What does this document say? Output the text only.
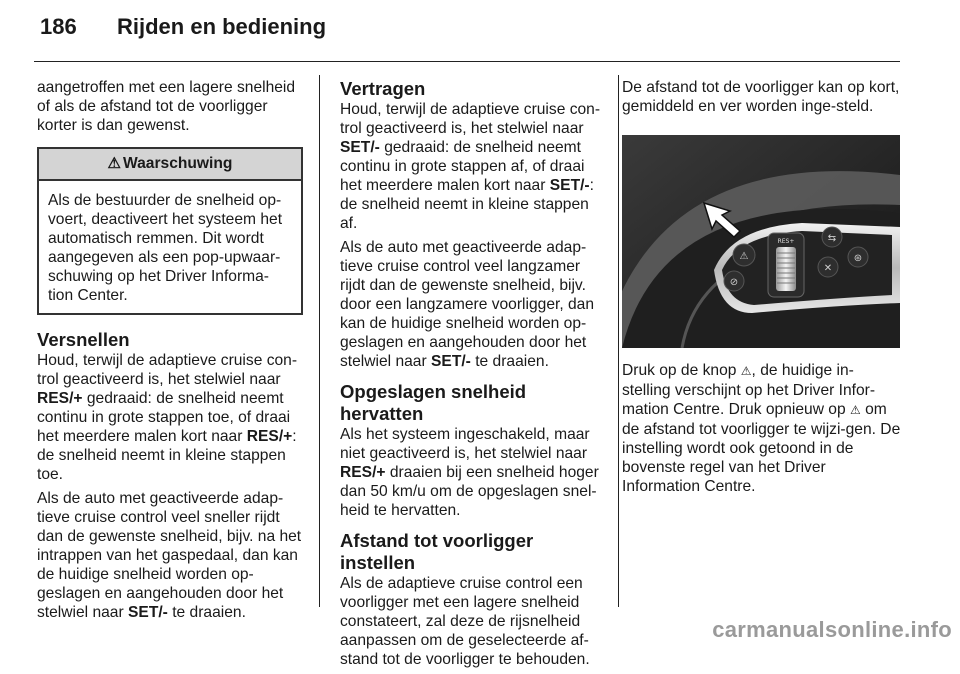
186 Rijden en bediening

aangetroffen met een lagere snelheid of als de afstand tot de voorligger korter is dan gewenst.

⚠ Waarschuwing
Als de bestuurder de snelheid op-voert, deactiveert het systeem het automatisch remmen. Dit wordt aangegeven als een pop-upwaar-schuwing op het Driver Informa-tion Center.
Versnellen

Houd, terwijl de adaptieve cruise con-trol geactiveerd is, het stelwiel naar RES/+ gedraaid: de snelheid neemt continu in grote stappen toe, of draai het meerdere malen kort naar RES/+: de snelheid neemt in kleine stappen toe.

Als de auto met geactiveerde adap-tieve cruise control veel sneller rijdt dan de gewenste snelheid, bijv. na het intrappen van het gaspedaal, dan kan de huidige snelheid worden op-geslagen en aangehouden door het stelwiel naar SET/- te draaien.

Vertragen

Houd, terwijl de adaptieve cruise con-trol geactiveerd is, het stelwiel naar SET/- gedraaid: de snelheid neemt continu in grote stappen af, of draai het meerdere malen kort naar SET/-: de snelheid neemt in kleine stappen af.

Als de auto met geactiveerde adap-tieve cruise control veel langzamer rijdt dan de gewenste snelheid, bijv. door een langzamere voorligger, dan kan de huidige snelheid worden op-geslagen en aangehouden door het stelwiel naar SET/- te draaien.

Opgeslagen snelheid hervatten

Als het systeem ingeschakeld, maar niet geactiveerd is, het stelwiel naar RES/+ draaien bij een snelheid hoger dan 50 km/u om de opgeslagen snel-heid te hervatten.

Afstand tot voorligger instellen

Als de adaptieve cruise control een voorligger met een lagere snelheid constateert, zal deze de rijsnelheid aanpassen om de geselecteerde af-stand tot de voorligger te behouden.

De afstand tot de voorligger kan op kort, gemiddeld en ver worden inge-steld.

⚠
⊘
RES+	⇆
✕
⊛

Druk op de knop ⚠, de huidige in-stelling verschijnt op het Driver Infor-mation Centre. Druk opnieuw op ⚠ om de afstand tot voorligger te wijzi-gen. De instelling wordt ook getoond in de bovenste regel van het Driver Information Centre.

carmanualsonline.info
